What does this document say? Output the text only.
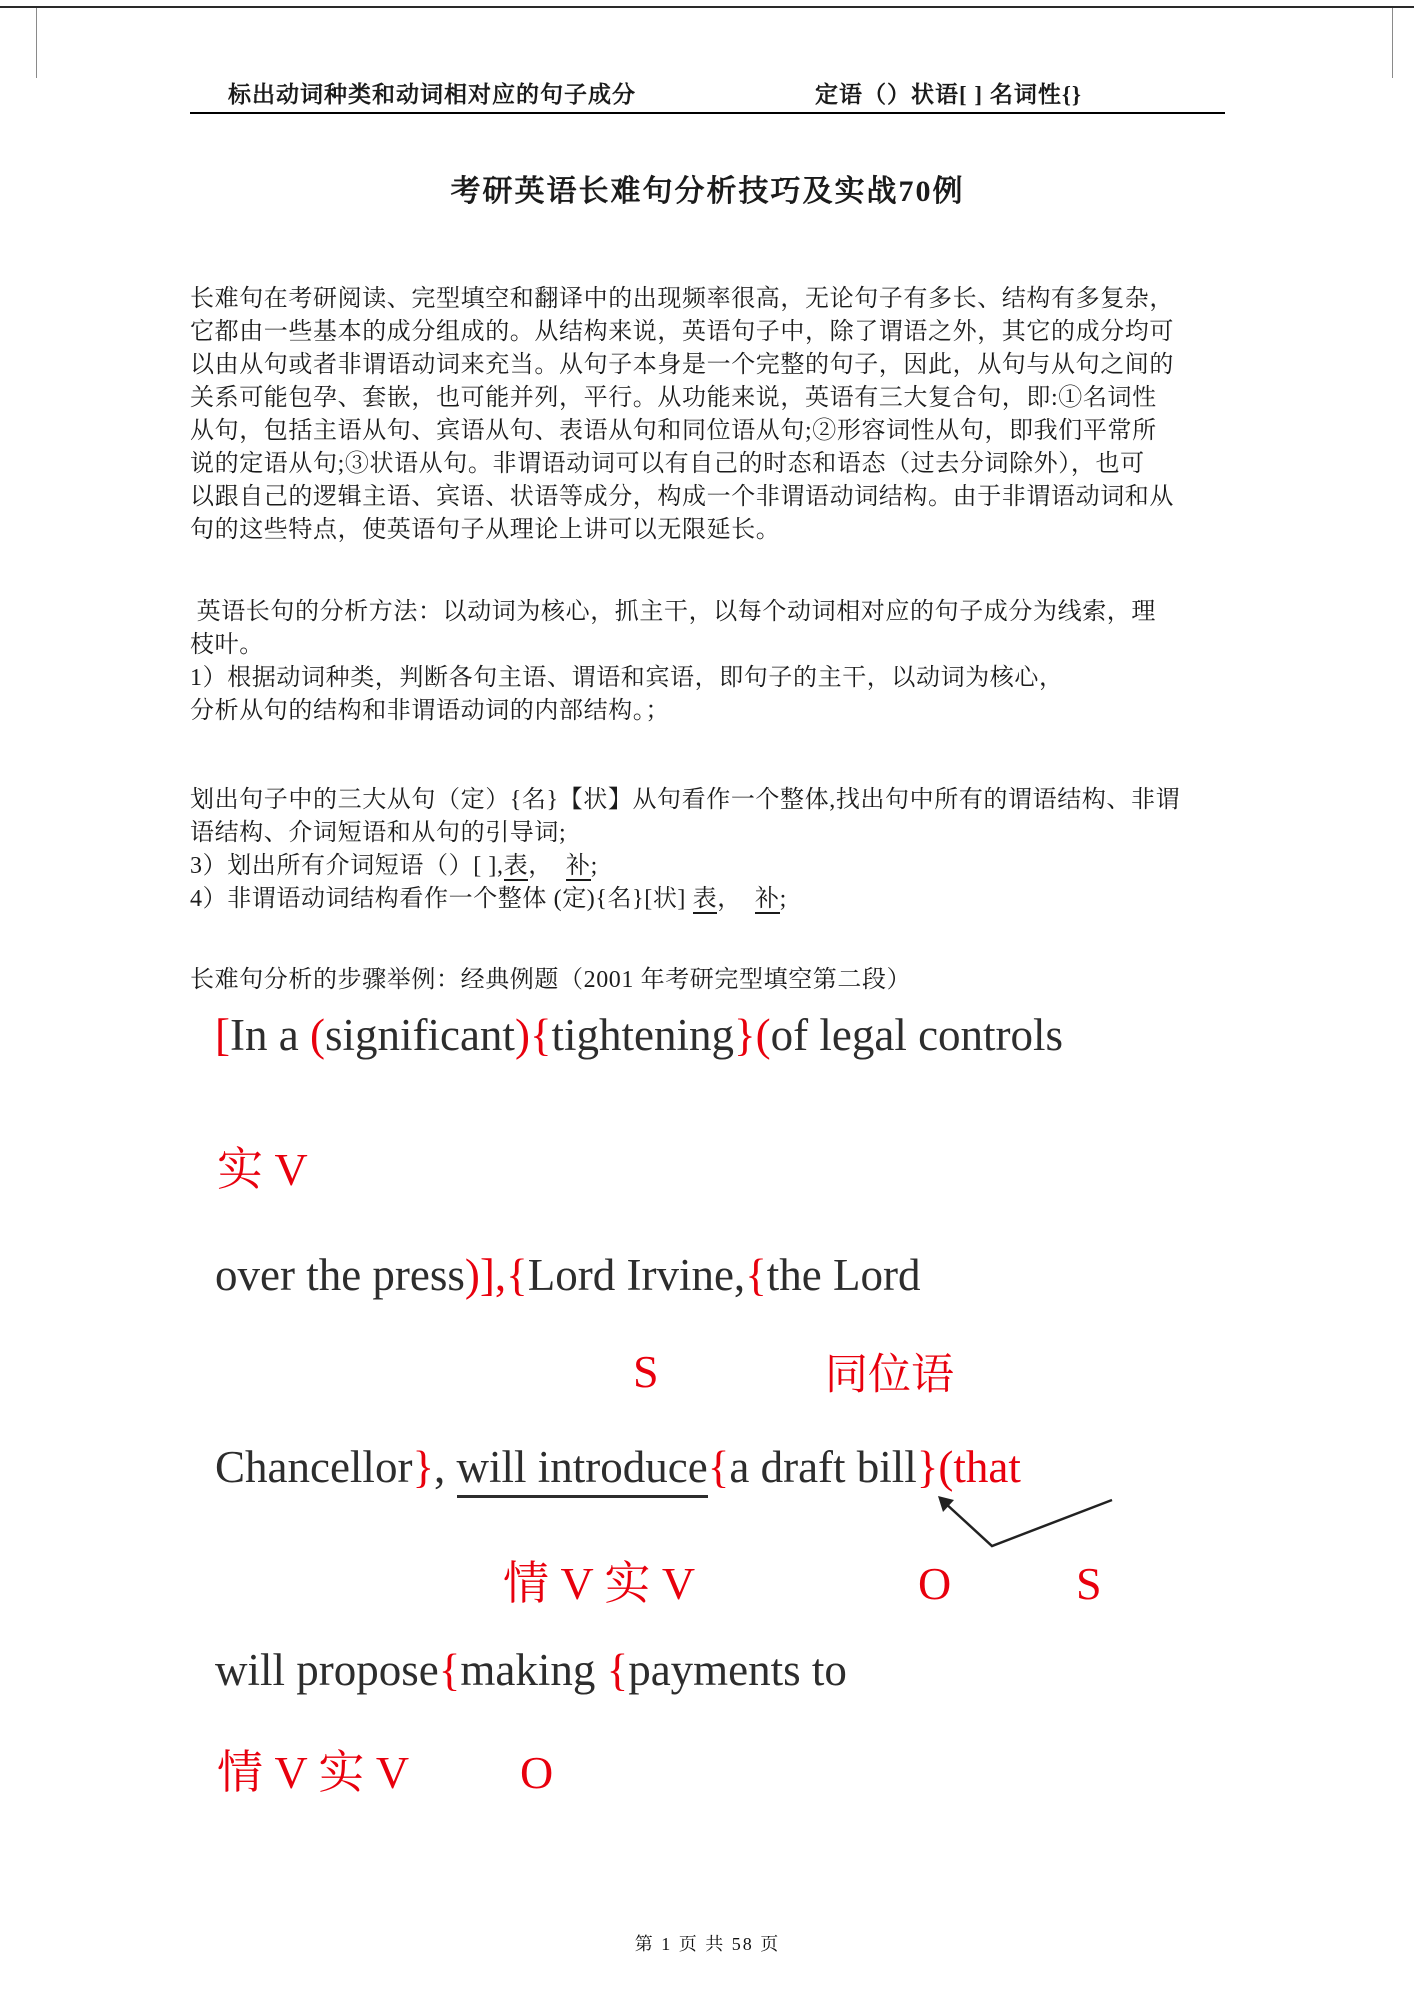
标出动词种类和动词相对应的句子成分	定语（）状语[ ] 名词性{}
考研英语长难句分析技巧及实战70例
长难句在考研阅读、完型填空和翻译中的出现频率很高，无论句子有多长、结构有多复杂，
它都由一些基本的成分组成的。从结构来说，英语句子中，除了谓语之外，其它的成分均可
以由从句或者非谓语动词来充当。从句子本身是一个完整的句子，因此，从句与从句之间的
关系可能包孕、套嵌，也可能并列，平行。从功能来说，英语有三大复合句，即:①名词性
从句，包括主语从句、宾语从句、表语从句和同位语从句;②形容词性从句，即我们平常所
说的定语从句;③状语从句。非谓语动词可以有自己的时态和语态（过去分词除外），也可
以跟自己的逻辑主语、宾语、状语等成分，构成一个非谓语动词结构。由于非谓语动词和从
句的这些特点，使英语句子从理论上讲可以无限延长。
英语长句的分析方法：以动词为核心，抓主干，以每个动词相对应的句子成分为线索，理
枝叶。
1）根据动词种类，判断各句主语、谓语和宾语，即句子的主干，以动词为核心，
分析从句的结构和非谓语动词的内部结构。；
划出句子中的三大从句（定）{名}【状】从句看作一个整体,找出句中所有的谓语结构、非谓
语结构、介词短语和从句的引导词;
3）划出所有介词短语（）[ ],表，  补;
4）非谓语动词结构看作一个整体 (定){名}[状] 表，  补;
长难句分析的步骤举例：经典例题（2001 年考研完型填空第二段）
[In a (significant){tightening}(of legal controls
实 V
over the press)],{Lord Irvine,{the Lord
S	同位语
Chancellor}, will introduce{a draft bill}(that
情 V 实 V	O	S
will propose{making {payments to
情 V 实 V O
第 1 页 共 58 页
